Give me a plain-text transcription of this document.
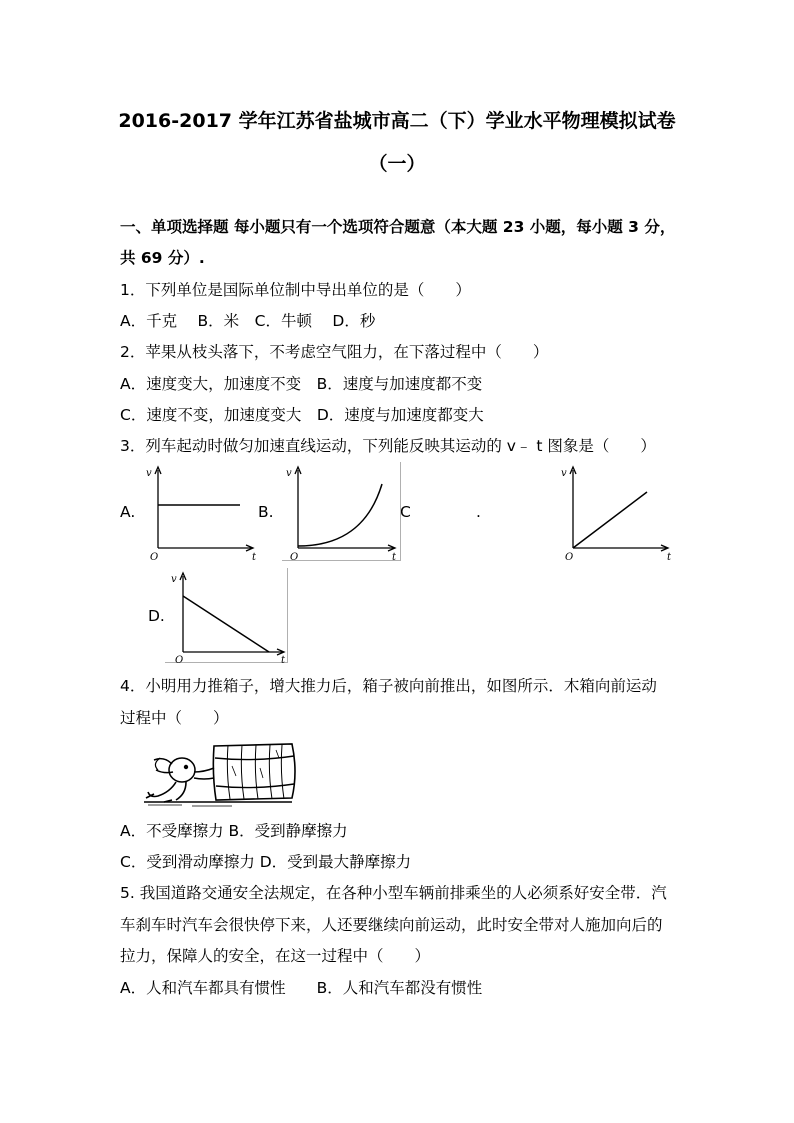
2016-2017 学年江苏省盐城市高二（下）学业水平物理模拟试卷
（一）
一、单项选择题 每小题只有一个选项符合题意（本大题 23 小题，每小题 3 分，
共 69 分）.
1．下列单位是国际单位制中导出单位的是（　　）
A．千克　 B．米　C．牛顿　 D．秒
2．苹果从枝头落下，不考虑空气阻力，在下落过程中（　　）
A．速度变大，加速度不变　B．速度与加速度都不变
C．速度不变，加速度变大　D．速度与加速度都变大
3．列车起动时做匀加速直线运动，下列能反映其运动的 v﹣ t 图象是（　　）
A.	B.	C	.
D.
v
t
O
v
t
O
v
t
O
v
t
O
4．小明用力推箱子，增大推力后，箱子被向前推出，如图所示．木箱向前运动
过程中（　　）
A．不受摩擦力 B．受到静摩擦力
C．受到滑动摩擦力 D．受到最大静摩擦力
5. 我国道路交通安全法规定，在各种小型车辆前排乘坐的人必须系好安全带．汽
车刹车时汽车会很快停下来，人还要继续向前运动，此时安全带对人施加向后的
拉力，保障人的安全，在这一过程中（　　）
A．人和汽车都具有惯性　　B．人和汽车都没有惯性
